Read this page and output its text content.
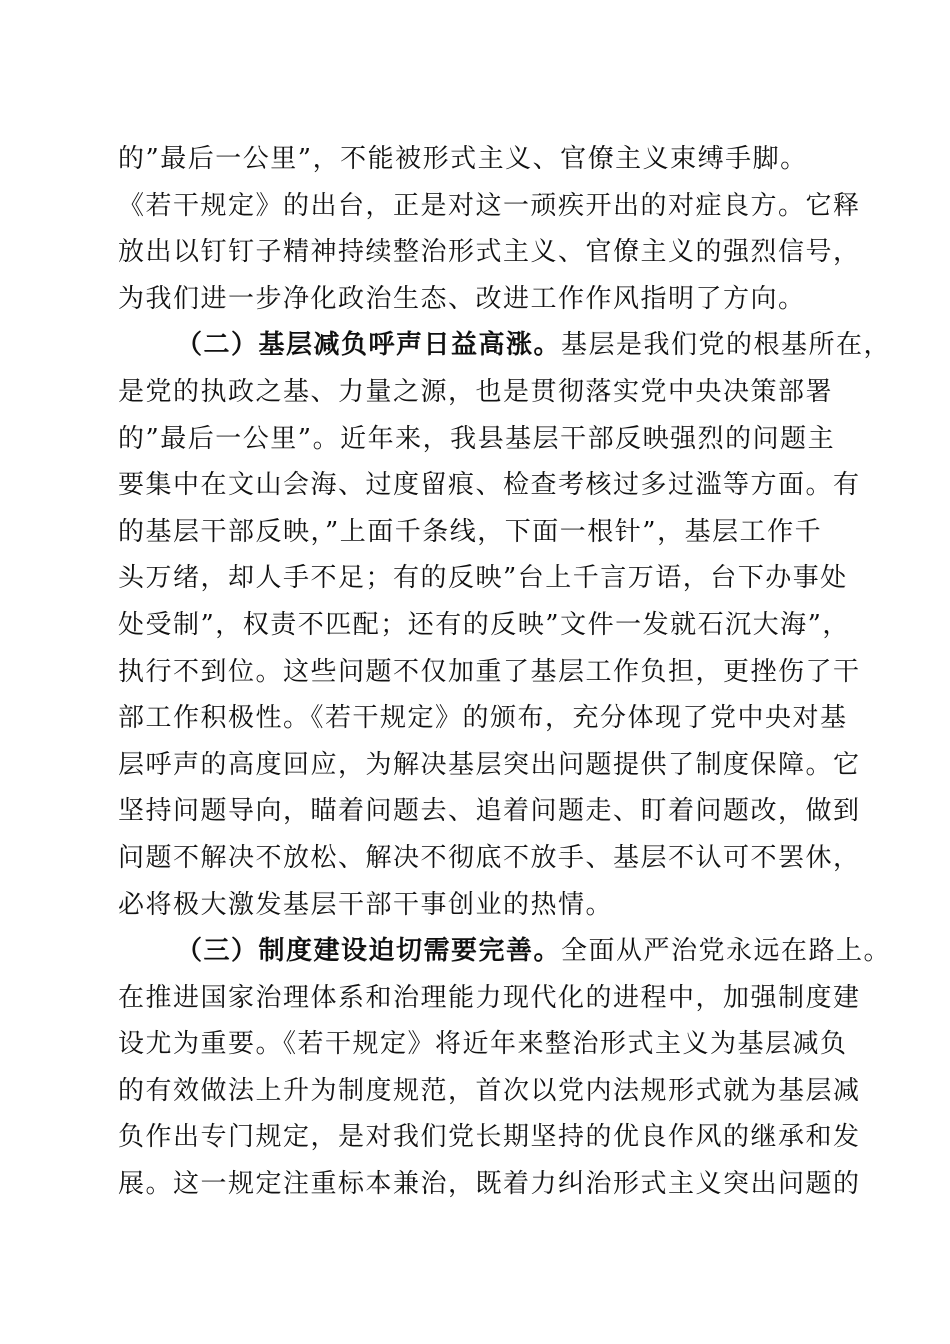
的”最后一公里”，不能被形式主义、官僚主义束缚手脚。
《若干规定》的出台，正是对这一顽疾开出的对症良方。它释
放出以钉钉子精神持续整治形式主义、官僚主义的强烈信号，
为我们进一步净化政治生态、改进工作作风指明了方向。
（二）基层减负呼声日益高涨。基层是我们党的根基所在，
是党的执政之基、力量之源，也是贯彻落实党中央决策部署
的”最后一公里”。近年来，我县基层干部反映强烈的问题主
要集中在文山会海、过度留痕、检查考核过多过滥等方面。有
的基层干部反映，”上面千条线，下面一根针”，基层工作千
头万绪，却人手不足；有的反映”台上千言万语，台下办事处
处受制”，权责不匹配；还有的反映”文件一发就石沉大海”，
执行不到位。这些问题不仅加重了基层工作负担，更挫伤了干
部工作积极性。《若干规定》的颁布，充分体现了党中央对基
层呼声的高度回应，为解决基层突出问题提供了制度保障。它
坚持问题导向，瞄着问题去、追着问题走、盯着问题改，做到
问题不解决不放松、解决不彻底不放手、基层不认可不罢休，
必将极大激发基层干部干事创业的热情。
（三）制度建设迫切需要完善。全面从严治党永远在路上。
在推进国家治理体系和治理能力现代化的进程中，加强制度建
设尤为重要。《若干规定》将近年来整治形式主义为基层减负
的有效做法上升为制度规范，首次以党内法规形式就为基层减
负作出专门规定，是对我们党长期坚持的优良作风的继承和发
展。这一规定注重标本兼治，既着力纠治形式主义突出问题的
